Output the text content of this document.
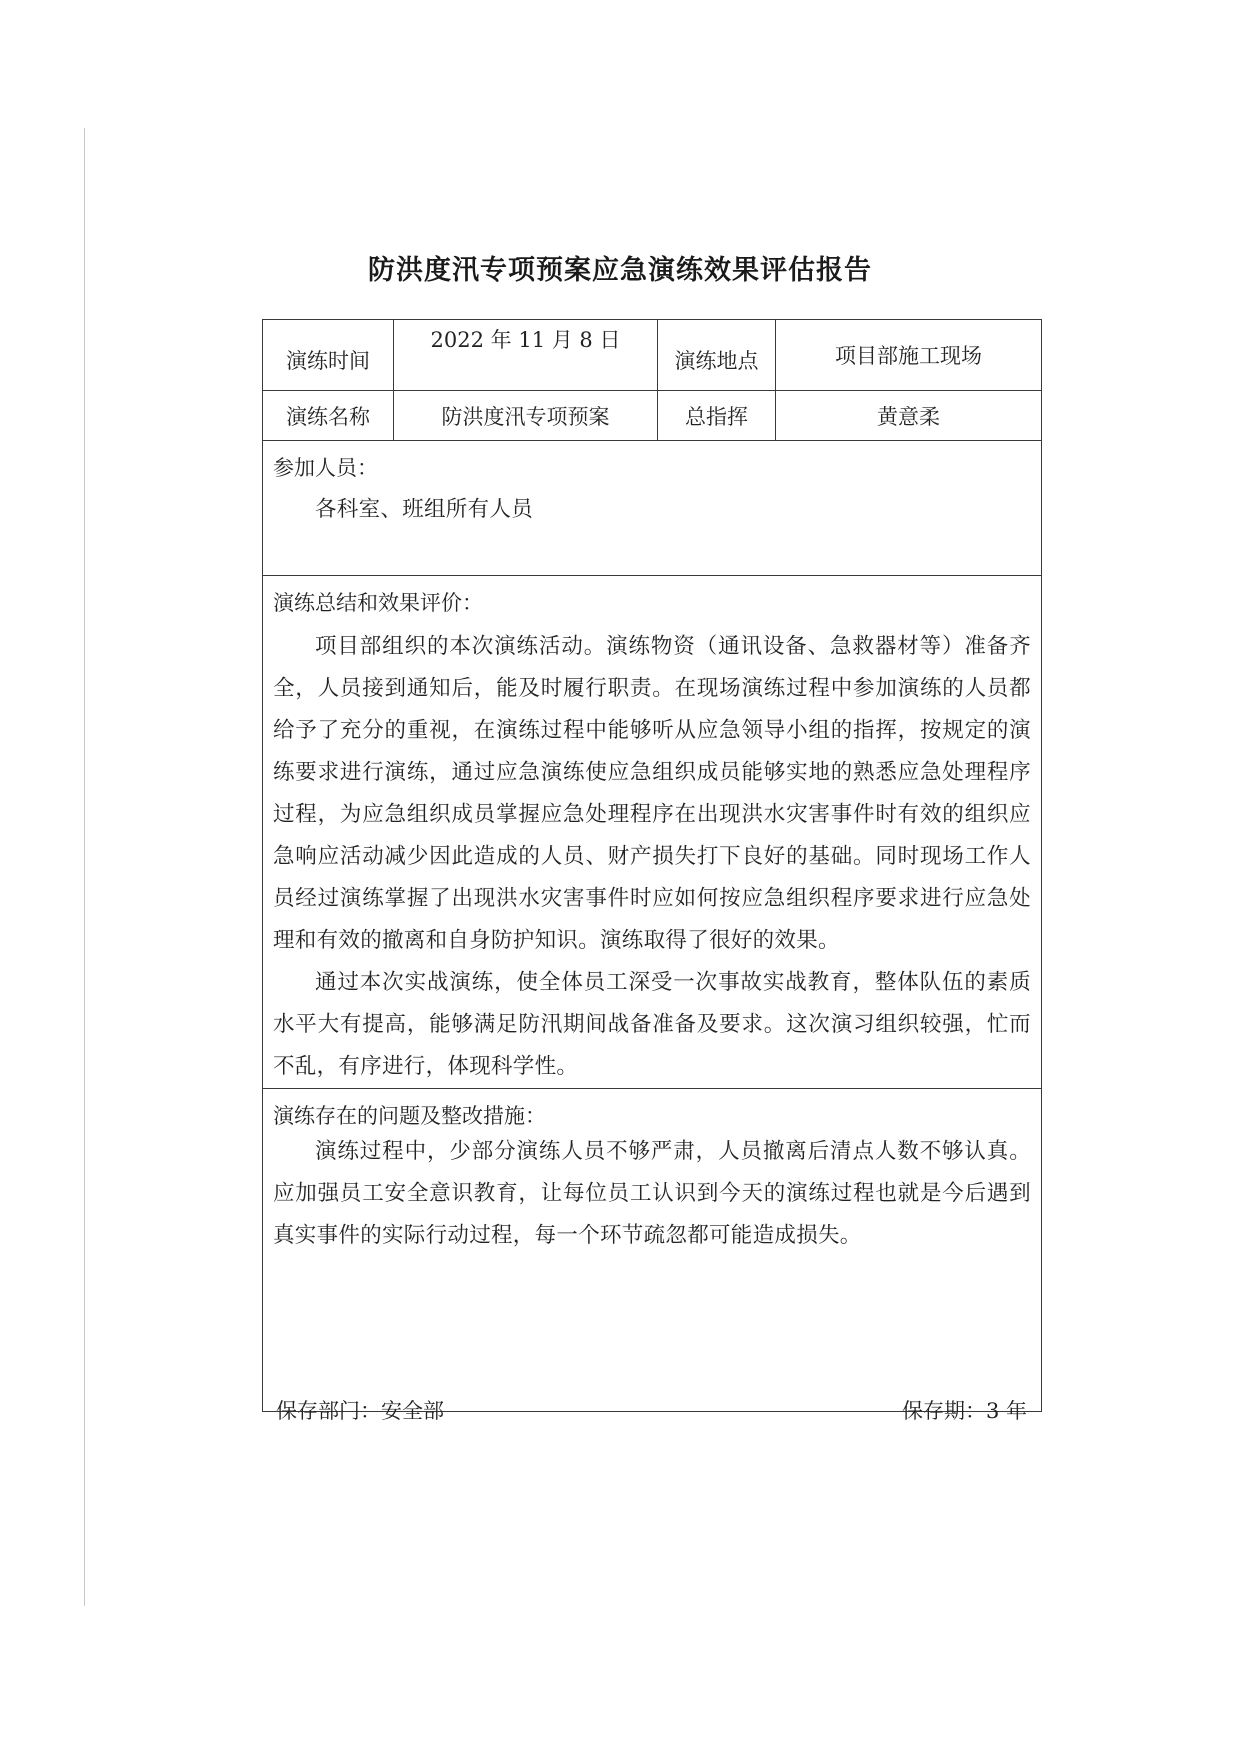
防洪度汛专项预案应急演练效果评估报告
演练时间	2022 年 11 月 8 日	演练地点	项目部施工现场
演练名称	防洪度汛专项预案	总指挥	黄意柔

参加人员：

各科室、班组所有人员			

演练总结和效果评价：

项目部组织的本次演练活动。演练物资（通讯设备、急救器材等）准备齐全，人员接到通知后，能及时履行职责。在现场演练过程中参加演练的人员都给予了充分的重视，在演练过程中能够听从应急领导小组的指挥，按规定的演练要求进行演练，通过应急演练使应急组织成员能够实地的熟悉应急处理程序过程，为应急组织成员掌握应急处理程序在出现洪水灾害事件时有效的组织应急响应活动减少因此造成的人员、财产损失打下良好的基础。同时现场工作人员经过演练掌握了出现洪水灾害事件时应如何按应急组织程序要求进行应急处理和有效的撤离和自身防护知识。演练取得了很好的效果。

通过本次实战演练，使全体员工深受一次事故实战教育，整体队伍的素质水平大有提高，能够满足防汛期间战备准备及要求。这次演习组织较强，忙而不乱，有序进行，体现科学性。			

演练存在的问题及整改措施：

演练过程中，少部分演练人员不够严肃，人员撤离后清点人数不够认真。应加强员工安全意识教育，让每位员工认识到今天的演练过程也就是今后遇到真实事件的实际行动过程，每一个环节疏忽都可能造成损失。			

保存部门：安全部	保存期：3 年
